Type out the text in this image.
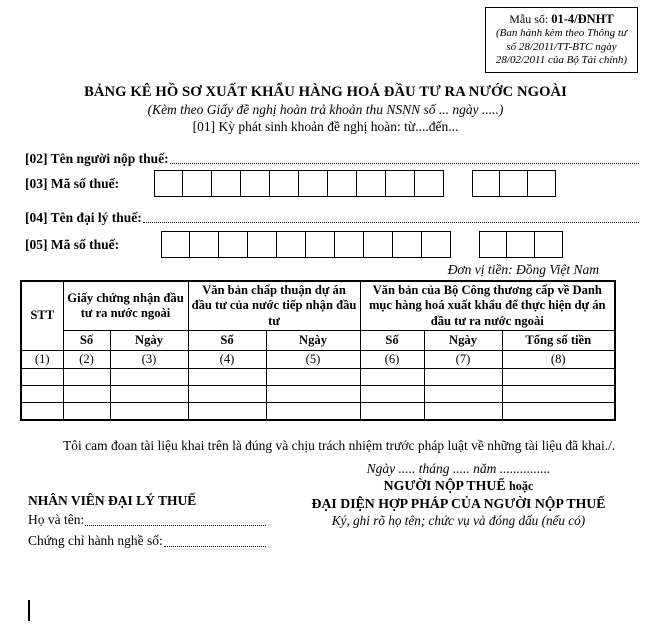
Mẫu số: 01-4/ĐNHT
(Ban hành kèm theo Thông tư
số 28/2011/TT-BTC ngày
28/02/2011 của Bộ Tài chính)
BẢNG KÊ HỒ SƠ XUẤT KHẨU HÀNG HOÁ ĐẦU TƯ RA NƯỚC NGOÀI
(Kèm theo Giấy đề nghị hoàn trả khoản thu NSNN số ... ngày .....)
[01] Kỳ phát sinh khoản đề nghị hoàn: từ....đến...
[02] Tên người nộp thuế:
[03] Mã số thuế:
[04] Tên đại lý thuế:
[05] Mã số thuế:
Đơn vị tiền: Đồng Việt Nam
STT	Giấy chứng nhận đầu tư ra nước ngoài		Văn bản chấp thuận dự án đầu tư của nước tiếp nhận đầu tư		Văn bản của Bộ Công thương cấp về Danh mục hàng hoá xuất khẩu để thực hiện dự án đầu tư ra nước ngoài		
	Số	Ngày	Số	Ngày	Số	Ngày	Tổng số tiền
(1)	(2)	(3)	(4)	(5)	(6)	(7)	(8)

Tôi cam đoan tài liệu khai trên là đúng và chịu trách nhiệm trước pháp luật về những tài liệu đã khai./.
NHÂN VIÊN ĐẠI LÝ THUẾ
Họ và tên:
Chứng chỉ hành nghề số:
Ngày ..... tháng ..... năm ...............
NGƯỜI NỘP THUẾ hoặc
ĐẠI DIỆN HỢP PHÁP CỦA NGƯỜI NỘP THUẾ
Ký, ghi rõ họ tên; chức vụ và đóng dấu (nếu có)
